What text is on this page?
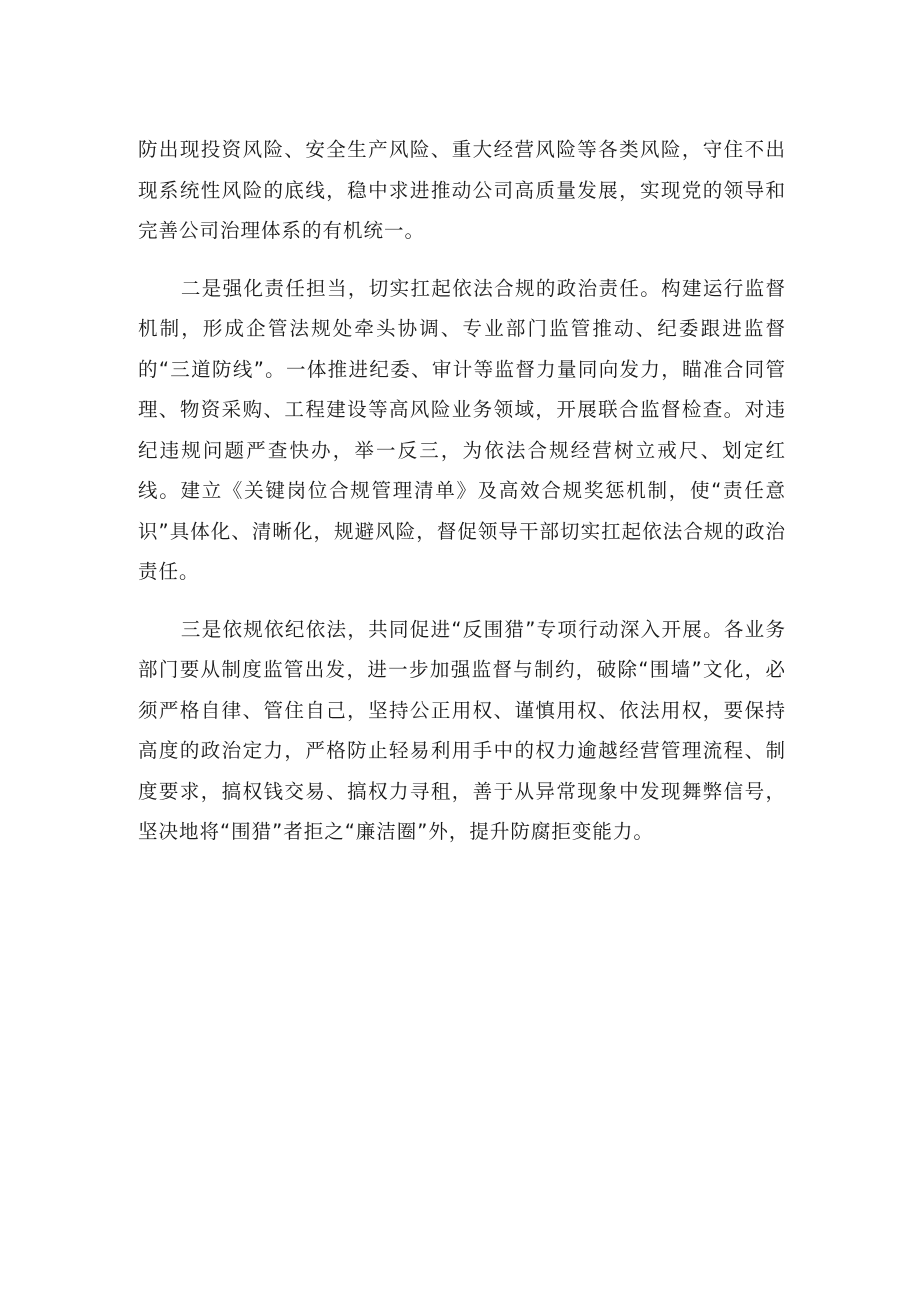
防出现投资风险、安全生产风险、重大经营风险等各类风险，守住不出现系统性风险的底线，稳中求进推动公司高质量发展，实现党的领导和完善公司治理体系的有机统一。

二是强化责任担当，切实扛起依法合规的政治责任。构建运行监督机制，形成企管法规处牵头协调、专业部门监管推动、纪委跟进监督的“三道防线”。一体推进纪委、审计等监督力量同向发力，瞄准合同管理、物资采购、工程建设等高风险业务领域，开展联合监督检查。对违纪违规问题严查快办，举一反三，为依法合规经营树立戒尺、划定红线。建立《关键岗位合规管理清单》及高效合规奖惩机制，使“责任意识”具体化、清晰化，规避风险，督促领导干部切实扛起依法合规的政治责任。

三是依规依纪依法，共同促进“反围猎”专项行动深入开展。各业务部门要从制度监管出发，进一步加强监督与制约，破除“围墙”文化，必须严格自律、管住自己，坚持公正用权、谨慎用权、依法用权，要保持高度的政治定力，严格防止轻易利用手中的权力逾越经营管理流程、制度要求，搞权钱交易、搞权力寻租，善于从异常现象中发现舞弊信号，坚决地将“围猎”者拒之“廉洁圈”外，提升防腐拒变能力。
